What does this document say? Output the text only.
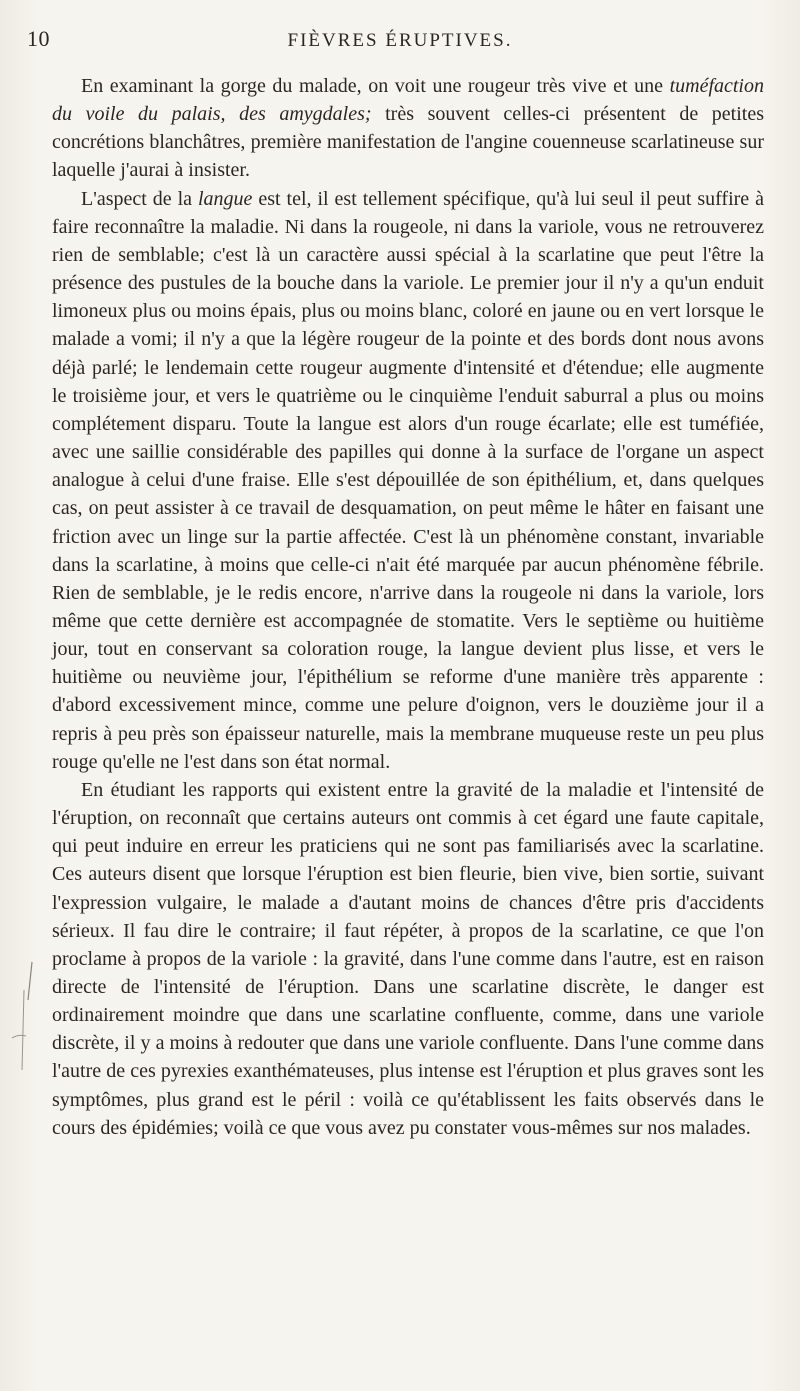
10	FIÈVRES ÉRUPTIVES.

En examinant la gorge du malade, on voit une rougeur très vive et une tuméfaction du voile du palais, des amygdales; très souvent celles-ci présentent de petites concrétions blanchâtres, première manifestation de l'angine couenneuse scarlatineuse sur laquelle j'aurai à insister.

L'aspect de la langue est tel, il est tellement spécifique, qu'à lui seul il peut suffire à faire reconnaître la maladie. Ni dans la rougeole, ni dans la variole, vous ne retrouverez rien de semblable; c'est là un caractère aussi spécial à la scarlatine que peut l'être la présence des pustules de la bouche dans la variole. Le premier jour il n'y a qu'un enduit limoneux plus ou moins épais, plus ou moins blanc, coloré en jaune ou en vert lorsque le malade a vomi; il n'y a que la légère rougeur de la pointe et des bords dont nous avons déjà parlé; le lendemain cette rougeur augmente d'intensité et d'étendue; elle augmente le troisième jour, et vers le quatrième ou le cinquième l'enduit saburral a plus ou moins complétement disparu. Toute la langue est alors d'un rouge écarlate; elle est tuméfiée, avec une saillie considérable des papilles qui donne à la surface de l'organe un aspect analogue à celui d'une fraise. Elle s'est dépouillée de son épithélium, et, dans quelques cas, on peut assister à ce travail de desquamation, on peut même le hâter en faisant une friction avec un linge sur la partie affectée. C'est là un phénomène constant, invariable dans la scarlatine, à moins que celle-ci n'ait été marquée par aucun phénomène fébrile. Rien de semblable, je le redis encore, n'arrive dans la rougeole ni dans la variole, lors même que cette dernière est accompagnée de stomatite. Vers le septième ou huitième jour, tout en conservant sa coloration rouge, la langue devient plus lisse, et vers le huitième ou neuvième jour, l'épithélium se reforme d'une manière très apparente : d'abord excessivement mince, comme une pelure d'oignon, vers le douzième jour il a repris à peu près son épaisseur naturelle, mais la membrane muqueuse reste un peu plus rouge qu'elle ne l'est dans son état normal.

En étudiant les rapports qui existent entre la gravité de la maladie et l'intensité de l'éruption, on reconnaît que certains auteurs ont commis à cet égard une faute capitale, qui peut induire en erreur les praticiens qui ne sont pas familiarisés avec la scarlatine. Ces auteurs disent que lorsque l'éruption est bien fleurie, bien vive, bien sortie, suivant l'expression vulgaire, le malade a d'autant moins de chances d'être pris d'accidents sérieux. Il fau dire le contraire; il faut répéter, à propos de la scarlatine, ce que l'on proclame à propos de la variole : la gravité, dans l'une comme dans l'autre, est en raison directe de l'intensité de l'éruption. Dans une scarlatine discrète, le danger est ordinairement moindre que dans une scarlatine confluente, comme, dans une variole discrète, il y a moins à redouter que dans une variole confluente. Dans l'une comme dans l'autre de ces pyrexies exanthémateuses, plus intense est l'éruption et plus graves sont les symptômes, plus grand est le péril : voilà ce qu'établissent les faits observés dans le cours des épidémies; voilà ce que vous avez pu constater vous-mêmes sur nos malades.
